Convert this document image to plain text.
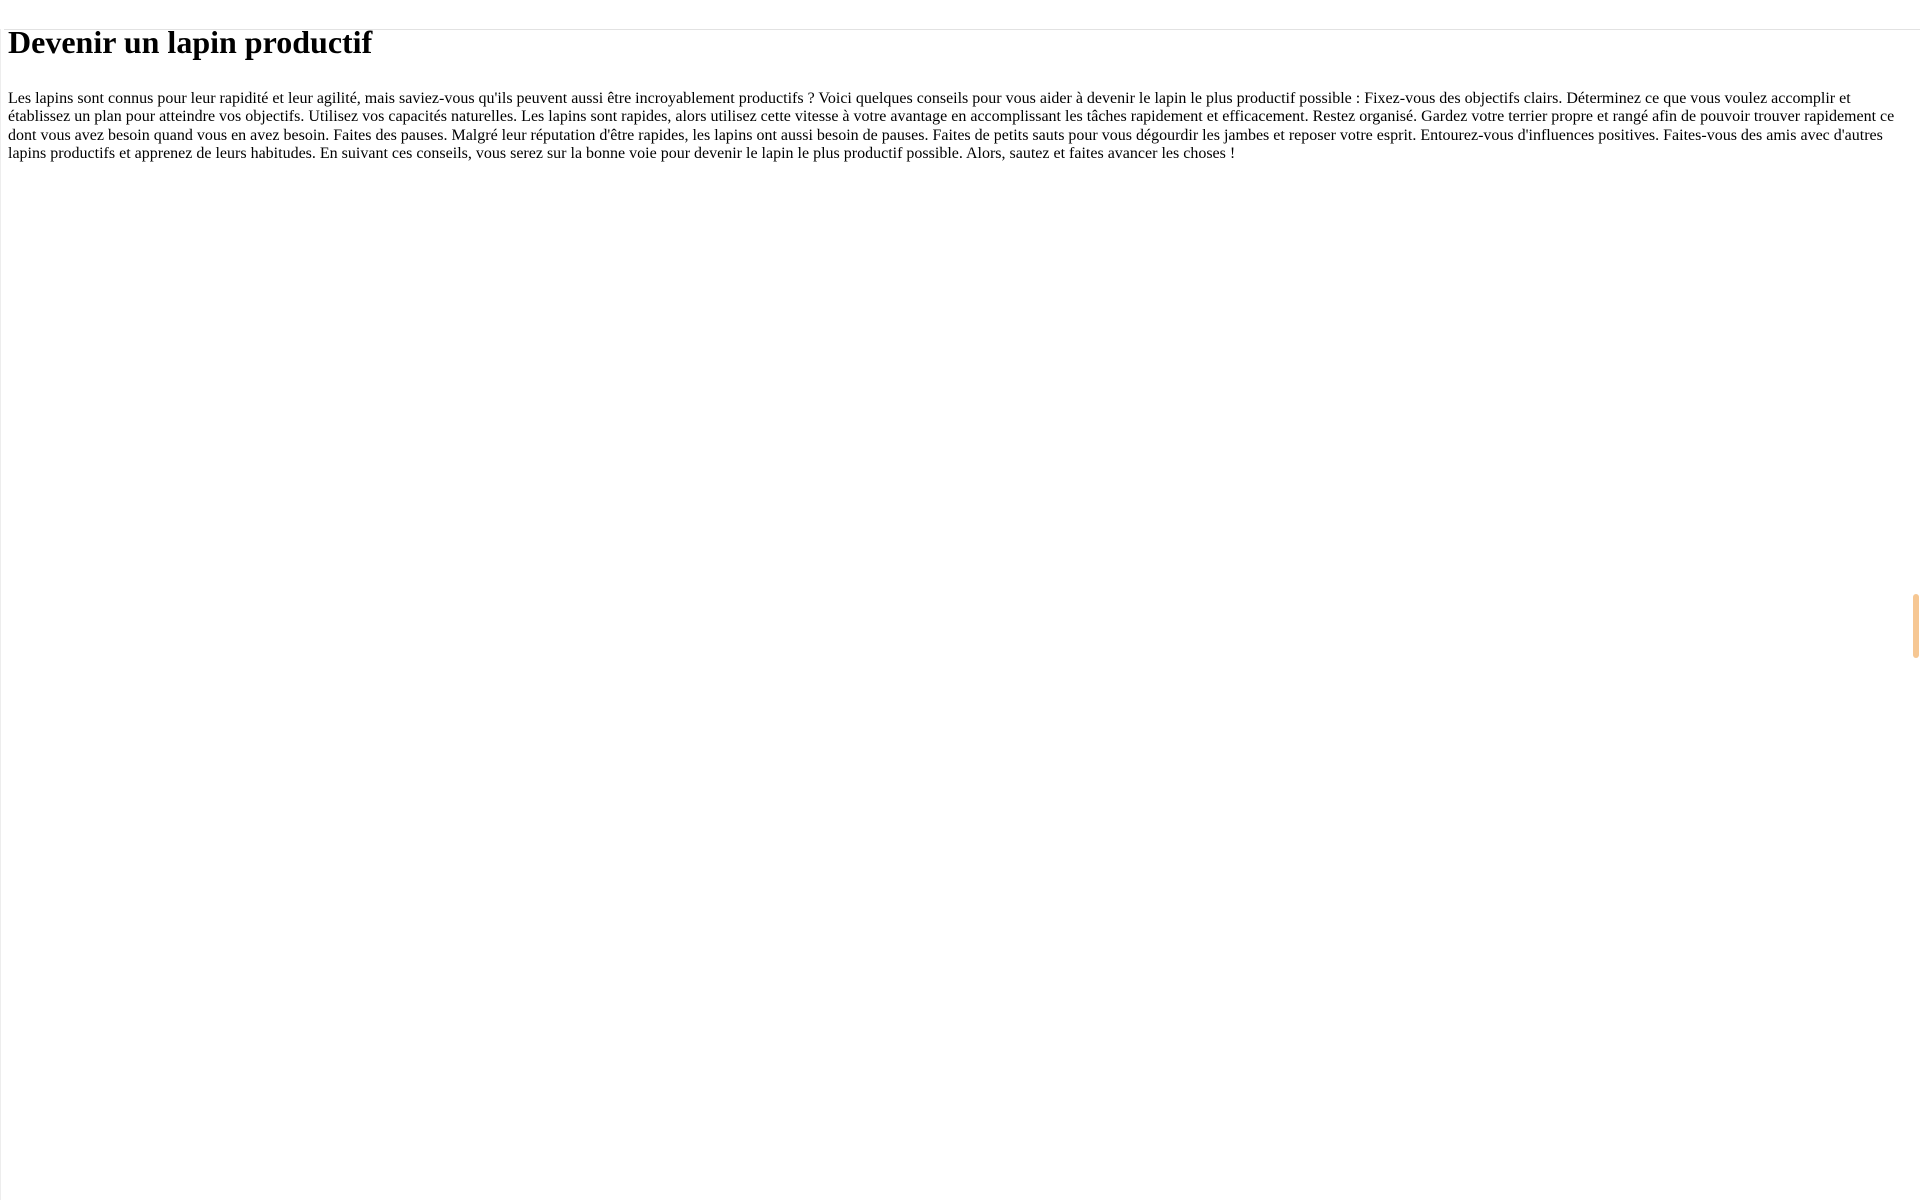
Devenir un lapin productif

Les lapins sont connus pour leur rapidité et leur agilité, mais saviez-vous qu'ils peuvent aussi être incroyablement productifs ? Voici quelques conseils pour vous aider à devenir le lapin le plus productif possible : Fixez-vous des objectifs clairs. Déterminez ce que vous voulez accomplir et établissez un plan pour atteindre vos objectifs. Utilisez vos capacités naturelles. Les lapins sont rapides, alors utilisez cette vitesse à votre avantage en accomplissant les tâches rapidement et efficacement. Restez organisé. Gardez votre terrier propre et rangé afin de pouvoir trouver rapidement ce dont vous avez besoin quand vous en avez besoin. Faites des pauses. Malgré leur réputation d'être rapides, les lapins ont aussi besoin de pauses. Faites de petits sauts pour vous dégourdir les jambes et reposer votre esprit. Entourez-vous d'influences positives. Faites-vous des amis avec d'autres lapins productifs et apprenez de leurs habitudes. En suivant ces conseils, vous serez sur la bonne voie pour devenir le lapin le plus productif possible. Alors, sautez et faites avancer les choses !
